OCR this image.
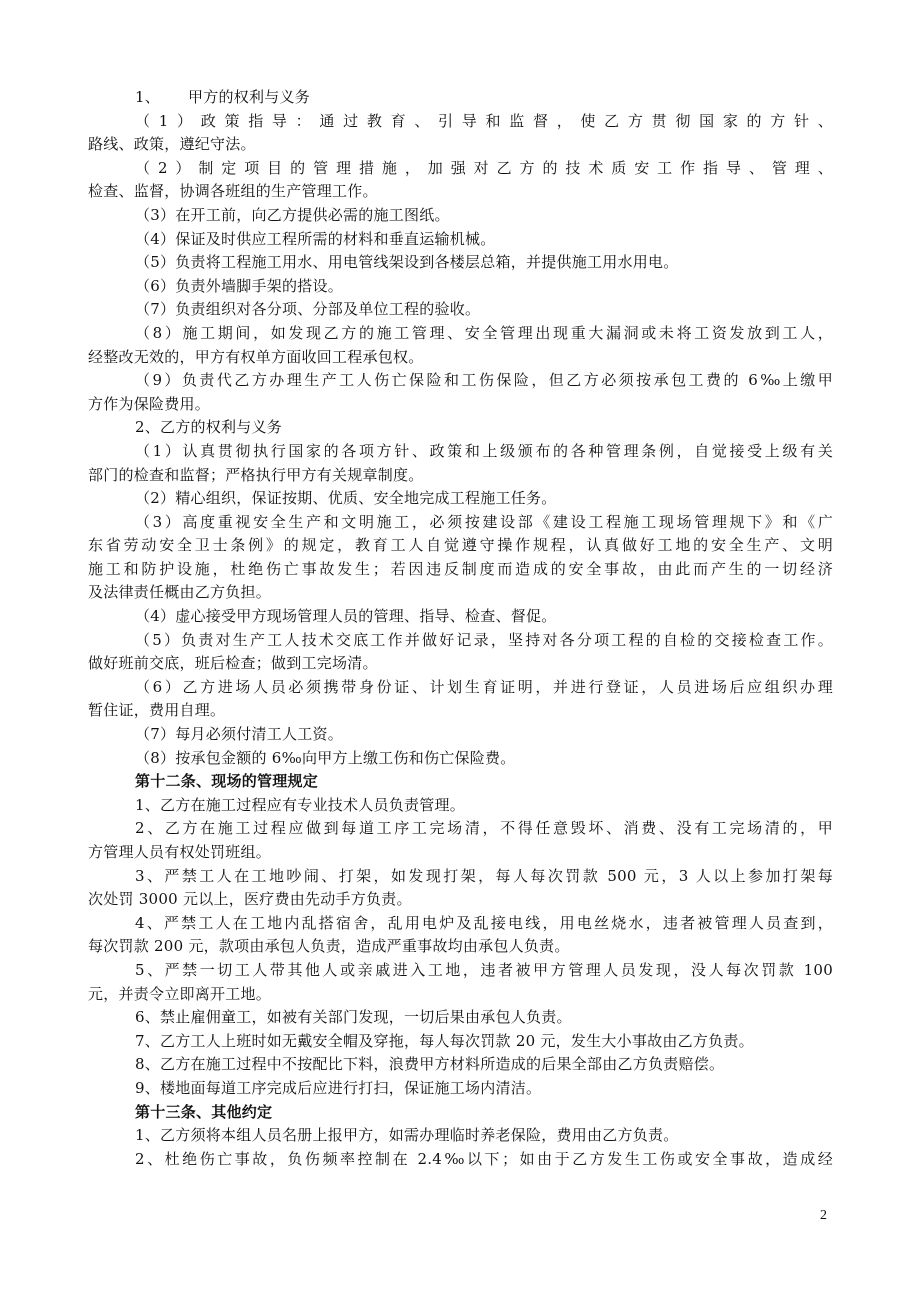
1、 甲方的权利与义务
（1）政策指导：通过教育、引导和监督，使乙方贯彻国家的方针、
路线、政策，遵纪守法。
（2）制定项目的管理措施，加强对乙方的技术质安工作指导、管理、
检查、监督，协调各班组的生产管理工作。
（3）在开工前，向乙方提供必需的施工图纸。
（4）保证及时供应工程所需的材料和垂直运输机械。
（5）负责将工程施工用水、用电管线架设到各楼层总箱，并提供施工用水用电。
（6）负责外墙脚手架的搭设。
（7）负责组织对各分项、分部及单位工程的验收。
（8）施工期间，如发现乙方的施工管理、安全管理出现重大漏洞或未将工资发放到工人，
经整改无效的，甲方有权单方面收回工程承包权。
（9）负责代乙方办理生产工人伤亡保险和工伤保险，但乙方必须按承包工费的 6‰上缴甲
方作为保险费用。
2、乙方的权利与义务
（1）认真贯彻执行国家的各项方针、政策和上级颁布的各种管理条例，自觉接受上级有关
部门的检查和监督；严格执行甲方有关规章制度。
（2）精心组织，保证按期、优质、安全地完成工程施工任务。
（3）高度重视安全生产和文明施工，必须按建设部《建设工程施工现场管理规下》和《广
东省劳动安全卫士条例》的规定，教育工人自觉遵守操作规程，认真做好工地的安全生产、文明
施工和防护设施，杜绝伤亡事故发生；若因违反制度而造成的安全事故，由此而产生的一切经济
及法律责任概由乙方负担。
（4）虚心接受甲方现场管理人员的管理、指导、检查、督促。
（5）负责对生产工人技术交底工作并做好记录，坚持对各分项工程的自检的交接检查工作。
做好班前交底，班后检查；做到工完场清。
（6）乙方进场人员必须携带身份证、计划生育证明，并进行登证，人员进场后应组织办理
暂住证，费用自理。
（7）每月必须付清工人工资。
（8）按承包金额的 6‰向甲方上缴工伤和伤亡保险费。
第十二条、现场的管理规定
1、乙方在施工过程应有专业技术人员负责管理。
2、乙方在施工过程应做到每道工序工完场清，不得任意毁坏、消费、没有工完场清的，甲
方管理人员有权处罚班组。
3、严禁工人在工地吵闹、打架，如发现打架，每人每次罚款 500 元，3 人以上参加打架每
次处罚 3000 元以上，医疗费由先动手方负责。
4、严禁工人在工地内乱搭宿舍，乱用电炉及乱接电线，用电丝烧水，违者被管理人员查到，
每次罚款 200 元，款项由承包人负责，造成严重事故均由承包人负责。
5、严禁一切工人带其他人或亲戚进入工地，违者被甲方管理人员发现，没人每次罚款 100
元，并责令立即离开工地。
6、禁止雇佣童工，如被有关部门发现，一切后果由承包人负责。
7、乙方工人上班时如无戴安全帽及穿拖，每人每次罚款 20 元，发生大小事故由乙方负责。
8、乙方在施工过程中不按配比下料，浪费甲方材料所造成的后果全部由乙方负责赔偿。
9、楼地面每道工序完成后应进行打扫，保证施工场内清洁。
第十三条、其他约定
1、乙方须将本组人员名册上报甲方，如需办理临时养老保险，费用由乙方负责。
2、杜绝伤亡事故，负伤频率控制在 2.4‰以下；如由于乙方发生工伤或安全事故，造成经
2
